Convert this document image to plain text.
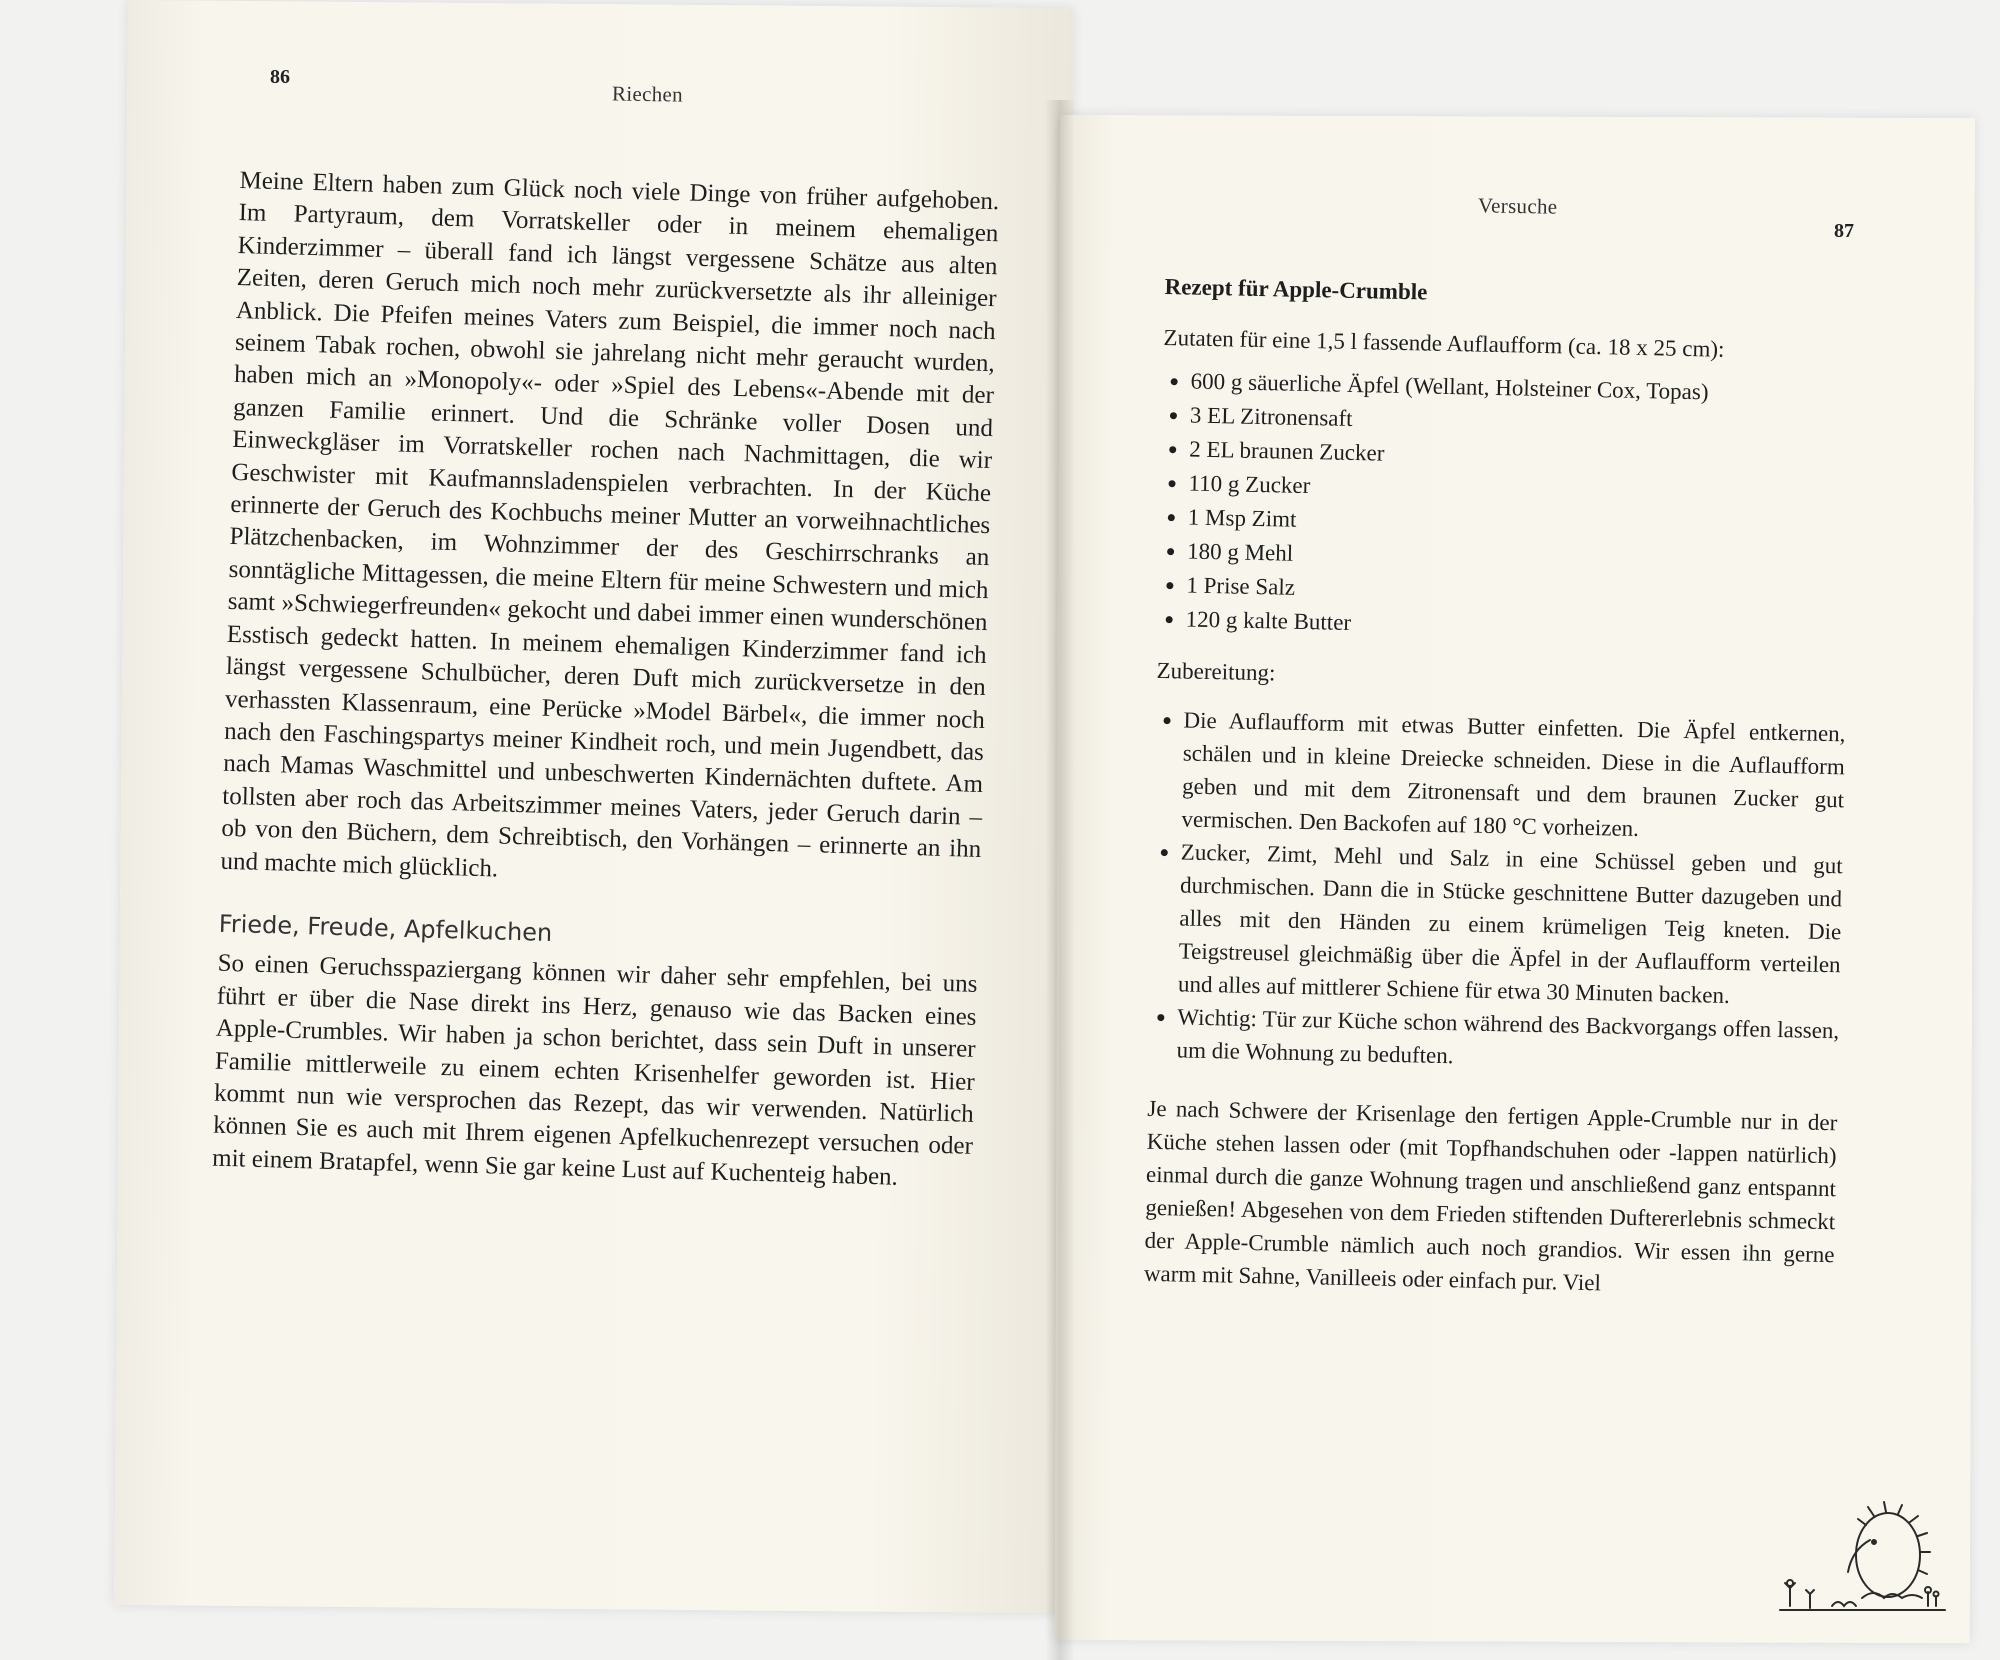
86
Riechen

Meine Eltern haben zum Glück noch viele Dinge von früher aufgehoben. Im Partyraum, dem Vorratskeller oder in meinem ehemaligen Kinderzimmer – überall fand ich längst vergessene Schätze aus alten Zeiten, deren Geruch mich noch mehr zurückversetzte als ihr alleiniger Anblick. Die Pfeifen meines Vaters zum Beispiel, die immer noch nach seinem Tabak rochen, obwohl sie jahrelang nicht mehr geraucht wurden, haben mich an »Monopoly«- oder »Spiel des Lebens«-Abende mit der ganzen Familie erinnert. Und die Schränke voller Dosen und Einweckgläser im Vorratskeller rochen nach Nachmittagen, die wir Geschwister mit Kaufmannsladenspielen verbrachten. In der Küche erinnerte der Geruch des Kochbuchs meiner Mutter an vorweihnachtliches Plätzchenbacken, im Wohnzimmer der des Geschirrschranks an sonntägliche Mittagessen, die meine Eltern für meine Schwestern und mich samt »Schwiegerfreunden« gekocht und dabei immer einen wunderschönen Esstisch gedeckt hatten. In meinem ehemaligen Kinderzimmer fand ich längst vergessene Schulbücher, deren Duft mich zurückversetze in den verhassten Klassenraum, eine Perücke »Model Bärbel«, die immer noch nach den Faschingspartys meiner Kindheit roch, und mein Jugendbett, das nach Mamas Waschmittel und unbeschwerten Kindernächten duftete. Am tollsten aber roch das Arbeitszimmer meines Vaters, jeder Geruch darin – ob von den Büchern, dem Schreibtisch, den Vorhängen – erinnerte an ihn und machte mich glücklich.

Friede, Freude, Apfelkuchen

So einen Geruchsspaziergang können wir daher sehr empfehlen, bei uns führt er über die Nase direkt ins Herz, genauso wie das Backen eines Apple-Crumbles. Wir haben ja schon berichtet, dass sein Duft in unserer Familie mittlerweile zu einem echten Krisenhelfer geworden ist. Hier kommt nun wie versprochen das Rezept, das wir verwenden. Natürlich können Sie es auch mit Ihrem eigenen Apfelkuchenrezept versuchen oder mit einem Bratapfel, wenn Sie gar keine Lust auf Kuchenteig haben.

Versuche
87
Rezept für Apple-Crumble

Zutaten für eine 1,5 l fassende Auflaufform (ca. 18 x 25 cm):

• 600 g säuerliche Äpfel (Wellant, Holsteiner Cox, Topas)
• 3 EL Zitronensaft
• 2 EL braunen Zucker
• 110 g Zucker
• 1 Msp Zimt
• 180 g Mehl
• 1 Prise Salz
• 120 g kalte Butter

Zubereitung:

• Die Auflaufform mit etwas Butter einfetten. Die Äpfel entkernen, schälen und in kleine Dreiecke schneiden. Diese in die Auflaufform geben und mit dem Zitronensaft und dem braunen Zucker gut vermischen. Den Backofen auf 180 °C vorheizen.
• Zucker, Zimt, Mehl und Salz in eine Schüssel geben und gut durchmischen. Dann die in Stücke geschnittene Butter dazugeben und alles mit den Händen zu einem krümeligen Teig kneten. Die Teigstreusel gleichmäßig über die Äpfel in der Auflaufform verteilen und alles auf mittlerer Schiene für etwa 30 Minuten backen.
• Wichtig: Tür zur Küche schon während des Backvorgangs offen lassen, um die Wohnung zu beduften.

Je nach Schwere der Krisenlage den fertigen Apple-Crumble nur in der Küche stehen lassen oder (mit Topfhandschuhen oder -lappen natürlich) einmal durch die ganze Wohnung tragen und anschließend ganz entspannt genießen! Abgesehen von dem Frieden stiftenden Duftererlebnis schmeckt der Apple-Crumble nämlich auch noch grandios. Wir essen ihn gerne warm mit Sahne, Vanilleeis oder einfach pur. Viel
